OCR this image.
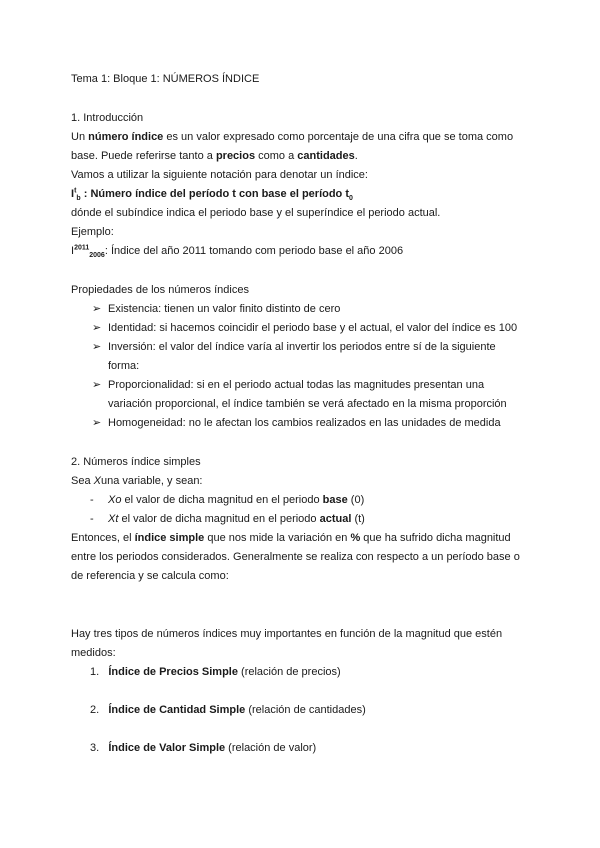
Tema 1: Bloque 1: NÚMEROS ÍNDICE
1. Introducción
Un número índice es un valor expresado como porcentaje de una cifra que se toma como
base. Puede referirse tanto a precios como a cantidades.
Vamos a utilizar la siguiente notación para denotar un índice:
$I^t_b$ : Número índice del período t con base el período $t_0$
dónde el subíndice indica el periodo base y el superíndice el periodo actual.
Ejemplo:
$I^{2011}_{2006}$: Índice del año 2011 tomando com periodo base el año 2006
Propiedades de los números índices
➢ Existencia: tienen un valor finito distinto de cero
➢ Identidad: si hacemos coincidir el periodo base y el actual, el valor del índice es 100
➢ Inversión: el valor del índice varía al invertir los periodos entre sí de la siguiente
forma:
➢ Proporcionalidad: si en el periodo actual todas las magnitudes presentan una
variación proporcional, el índice también se verá afectado en la misma proporción
➢ Homogeneidad: no le afectan los cambios realizados en las unidades de medida
2. Números índice simples
Sea Xuna variable, y sean:
- Xo el valor de dicha magnitud en el periodo base (0)
- Xt el valor de dicha magnitud en el periodo actual (t)
Entonces, el índice simple que nos mide la variación en % que ha sufrido dicha magnitud
entre los periodos considerados. Generalmente se realiza con respecto a un período base o
de referencia y se calcula como:
Hay tres tipos de números índices muy importantes en función de la magnitud que estén
medidos:
1. Índice de Precios Simple (relación de precios)
2. Índice de Cantidad Simple (relación de cantidades)
3. Índice de Valor Simple (relación de valor)
